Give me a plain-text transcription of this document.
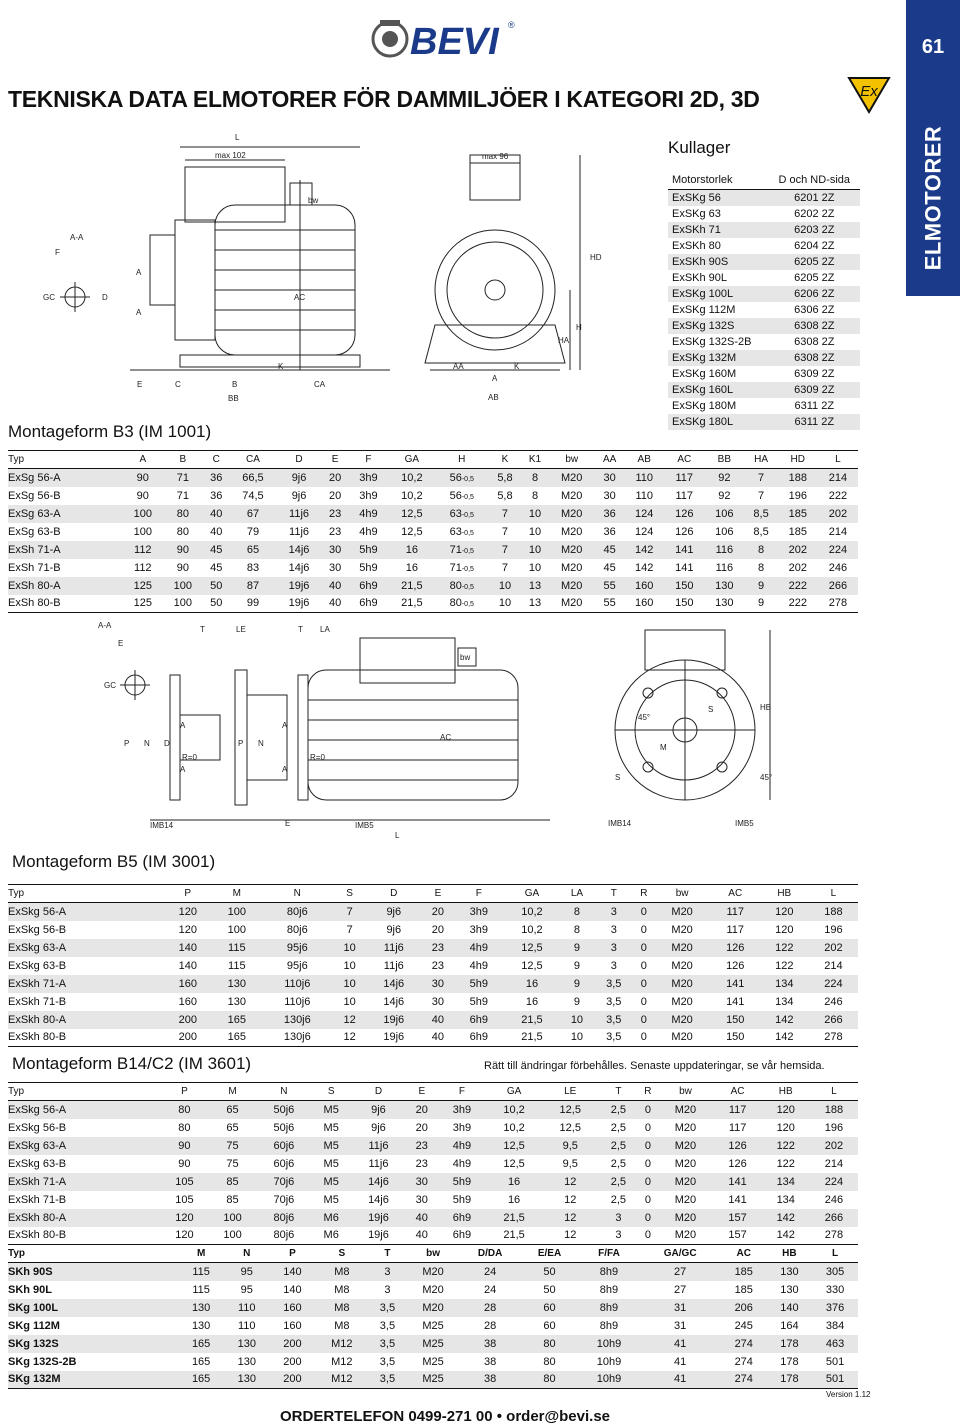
BEVI ®
61
ELMOTORER
TEKNISKA DATA ELMOTORER FÖR DAMMILJÖER I KATEGORI 2D, 3D	Ex
L
max 102
A-A
F
GC	D
A
A
bw
AC
E	C	B
BB
K
CA
max 96
HD
H
HA
AA
A
K
AB
Kullager
Motorstorlek	D och ND-sida
ExSKg 56	6201 2Z
ExSKg 63	6202 2Z
ExSKh 71	6203 2Z
ExSKh 80	6204 2Z
ExSKh 90S	6205 2Z
ExSKh 90L	6205 2Z
ExSKg 100L	6206 2Z
ExSKg 112M	6306 2Z
ExSKg 132S	6308 2Z
ExSKg 132S-2B	6308 2Z
ExSKg 132M	6308 2Z
ExSKg 160M	6309 2Z
ExSKg 160L	6309 2Z
ExSKg 180M	6311 2Z
ExSKg 180L	6311 2Z
Montageform B3 (IM 1001)
Typ	A	B	C	CA	D	E	F	GA	H	K	K1	bw	AA	AB	AC	BB	HA	HD	L
ExSg 56-A	90	71	36	66,5	9j6	20	3h9	10,2	56-0,5	5,8	8	M20	30	110	117	92	7	188	214
ExSg 56-B	90	71	36	74,5	9j6	20	3h9	10,2	56-0,5	5,8	8	M20	30	110	117	92	7	196	222
ExSg 63-A	100	80	40	67	11j6	23	4h9	12,5	63-0,5	7	10	M20	36	124	126	106	8,5	185	202
ExSg 63-B	100	80	40	79	11j6	23	4h9	12,5	63-0,5	7	10	M20	36	124	126	106	8,5	185	214
ExSh 71-A	112	90	45	65	14j6	30	5h9	16	71-0,5	7	10	M20	45	142	141	116	8	202	224
ExSh 71-B	112	90	45	83	14j6	30	5h9	16	71-0,5	7	10	M20	45	142	141	116	8	202	246
ExSh 80-A	125	100	50	87	19j6	40	6h9	21,5	80-0,5	10	13	M20	55	160	150	130	9	222	266
ExSh 80-B	125	100	50	99	19j6	40	6h9	21,5	80-0,5	10	13	M20	55	160	150	130	9	222	278
A-A
E
T	LE	T LA
bw
GC
P N D
A
A
R=0
P N
A
A
R=0
AC
IMB14	E	IMB5
L
HB
45°
S
M
S	45°
IMB14	IMB5
Montageform B5 (IM 3001)
Typ	P	M	N	S	D	E	F	GA	LA	T	R	bw	AC	HB	L
ExSkg 56-A	120	100	80j6	7	9j6	20	3h9	10,2	8	3	0	M20	117	120	188
ExSkg 56-B	120	100	80j6	7	9j6	20	3h9	10,2	8	3	0	M20	117	120	196
ExSkg 63-A	140	115	95j6	10	11j6	23	4h9	12,5	9	3	0	M20	126	122	202
ExSkg 63-B	140	115	95j6	10	11j6	23	4h9	12,5	9	3	0	M20	126	122	214
ExSkh 71-A	160	130	110j6	10	14j6	30	5h9	16	9	3,5	0	M20	141	134	224
ExSkh 71-B	160	130	110j6	10	14j6	30	5h9	16	9	3,5	0	M20	141	134	246
ExSkh 80-A	200	165	130j6	12	19j6	40	6h9	21,5	10	3,5	0	M20	150	142	266
ExSkh 80-B	200	165	130j6	12	19j6	40	6h9	21,5	10	3,5	0	M20	150	142	278
Montageform B14/C2 (IM 3601)	Rätt till ändringar förbehålles. Senaste uppdateringar, se vår hemsida.
Typ	P	M	N	S	D	E	F	GA	LE	T	R	bw	AC	HB	L
ExSkg 56-A	80	65	50j6	M5	9j6	20	3h9	10,2	12,5	2,5	0	M20	117	120	188
ExSkg 56-B	80	65	50j6	M5	9j6	20	3h9	10,2	12,5	2,5	0	M20	117	120	196
ExSkg 63-A	90	75	60j6	M5	11j6	23	4h9	12,5	9,5	2,5	0	M20	126	122	202
ExSkg 63-B	90	75	60j6	M5	11j6	23	4h9	12,5	9,5	2,5	0	M20	126	122	214
ExSkh 71-A	105	85	70j6	M5	14j6	30	5h9	16	12	2,5	0	M20	141	134	224
ExSkh 71-B	105	85	70j6	M5	14j6	30	5h9	16	12	2,5	0	M20	141	134	246
ExSkh 80-A	120	100	80j6	M6	19j6	40	6h9	21,5	12	3	0	M20	157	142	266
ExSkh 80-B	120	100	80j6	M6	19j6	40	6h9	21,5	12	3	0	M20	157	142	278
Typ	M	N	P	S	T	bw	D/DA	E/EA	F/FA	GA/GC	AC	HB	L
SKh 90S	115	95	140	M8	3	M20	24	50	8h9	27	185	130	305
SKh 90L	115	95	140	M8	3	M20	24	50	8h9	27	185	130	330
SKg 100L	130	110	160	M8	3,5	M20	28	60	8h9	31	206	140	376
SKg 112M	130	110	160	M8	3,5	M25	28	60	8h9	31	245	164	384
SKg 132S	165	130	200	M12	3,5	M25	38	80	10h9	41	274	178	463
SKg 132S-2B	165	130	200	M12	3,5	M25	38	80	10h9	41	274	178	501
SKg 132M	165	130	200	M12	3,5	M25	38	80	10h9	41	274	178	501
Version 1.12
ORDERTELEFON 0499-271 00 • order@bevi.se
